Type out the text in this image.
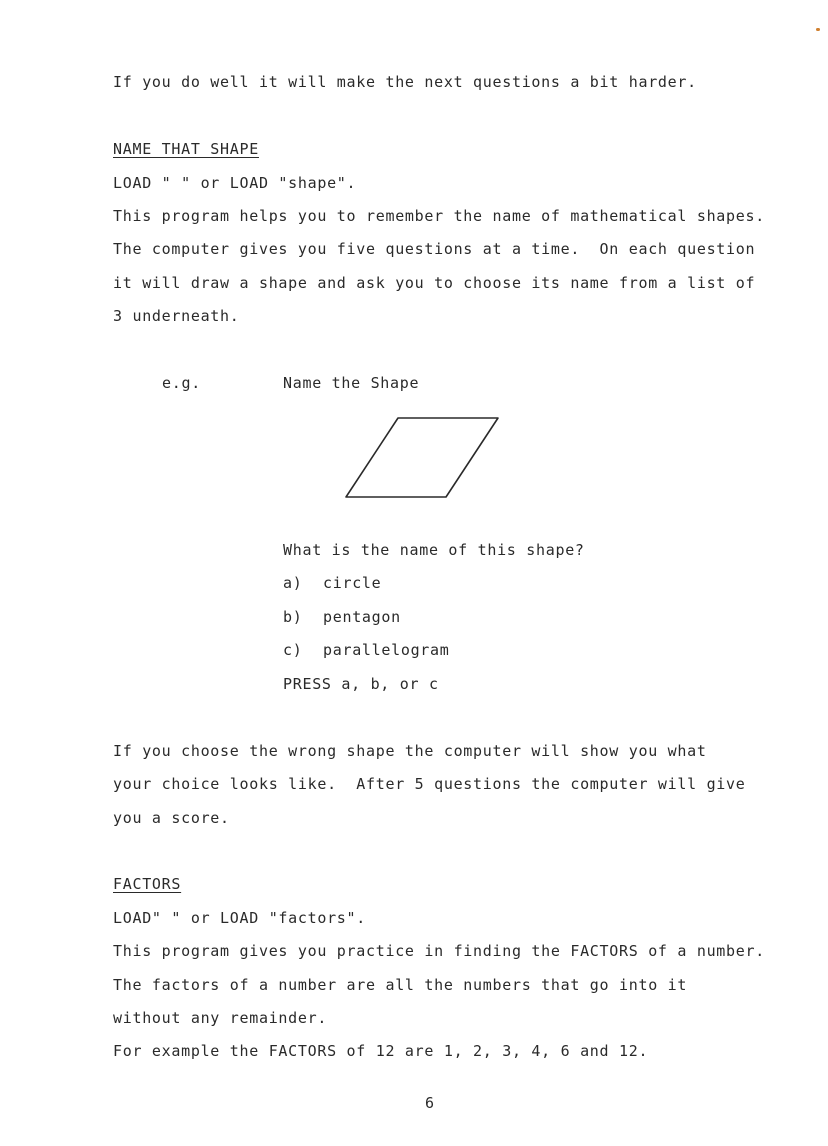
If you do well it will make the next questions a bit harder.
NAME THAT SHAPE
LOAD " " or LOAD "shape".
This program helps you to remember the name of mathematical shapes.
The computer gives you five questions at a time.  On each question
it will draw a shape and ask you to choose its name from a list of
3 underneath.
e.g.	Name the Shape
What is the name of this shape?
a) circle
b) pentagon
c) parallelogram
PRESS a, b, or c
If you choose the wrong shape the computer will show you what
your choice looks like.  After 5 questions the computer will give
you a score.
FACTORS
LOAD" " or LOAD "factors".
This program gives you practice in finding the FACTORS of a number.
The factors of a number are all the numbers that go into it
without any remainder.
For example the FACTORS of 12 are 1, 2, 3, 4, 6 and 12.
6
